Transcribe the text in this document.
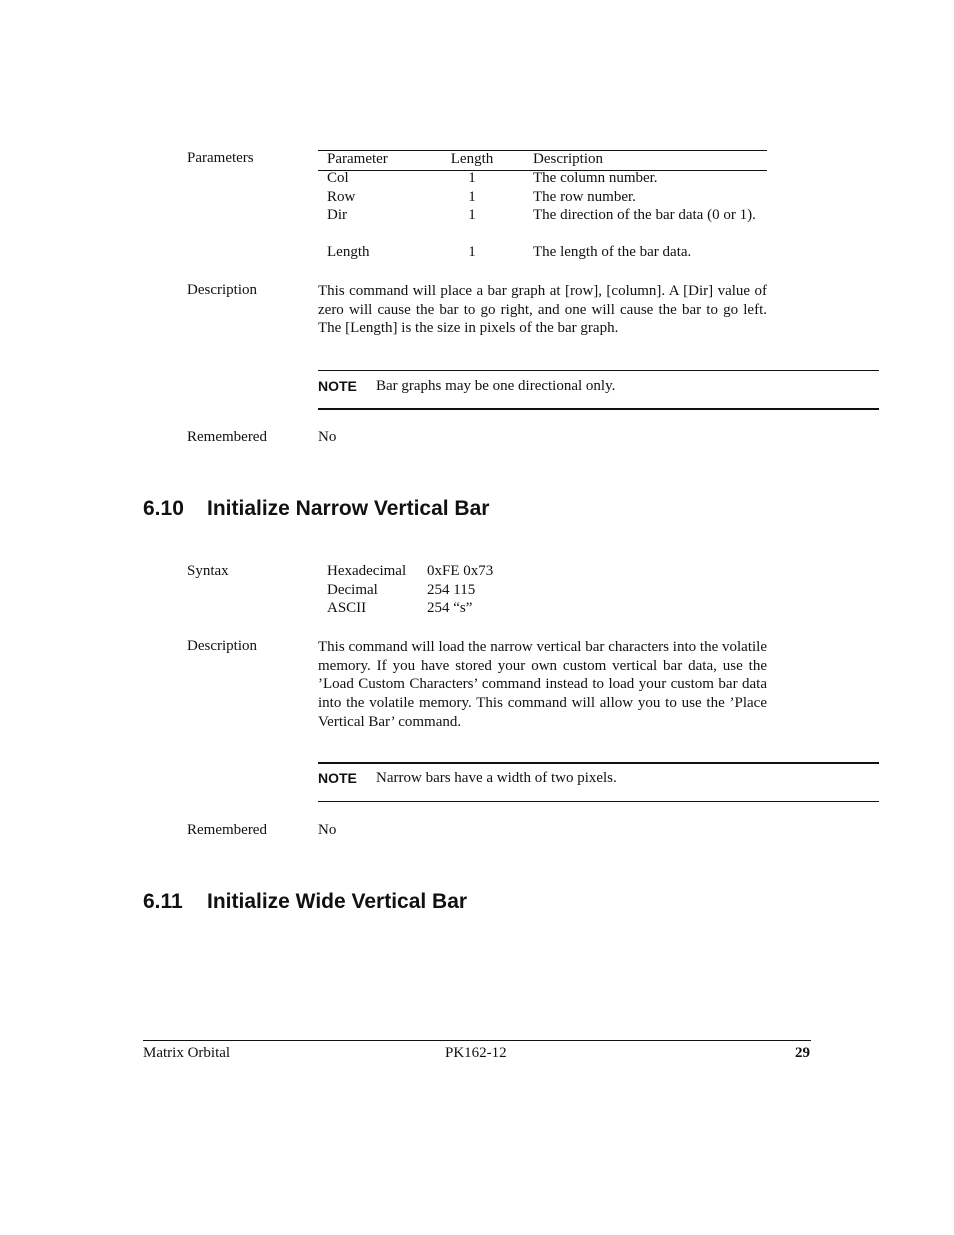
Parameters	Parameter	Length	Description
Col	1	The column number.
Row	1	The row number.
Dir	1	The direction of the bar data (0 or 1).
Length	1	The length of the bar data.
Description	This command will place a bar graph at [row], [column]. A [Dir] value of zero will cause the bar to go right, and one will cause the bar to go left. The [Length] is the size in pixels of the bar graph.
NOTE Bar graphs may be one directional only.
Remembered	No
6.10 Initialize Narrow Vertical Bar
Syntax	Hexadecimal 0xFE 0x73
Decimal	254 115
ASCII	254 “s”
Description	This command will load the narrow vertical bar characters into the volatile memory. If you have stored your own custom vertical bar data, use the ’Load Custom Characters’ command instead to load your custom bar data into the volatile memory. This command will allow you to use the ’Place Vertical Bar’ command.
NOTE Narrow bars have a width of two pixels.
Remembered	No
6.11 Initialize Wide Vertical Bar
Matrix Orbital	PK162-12	29
